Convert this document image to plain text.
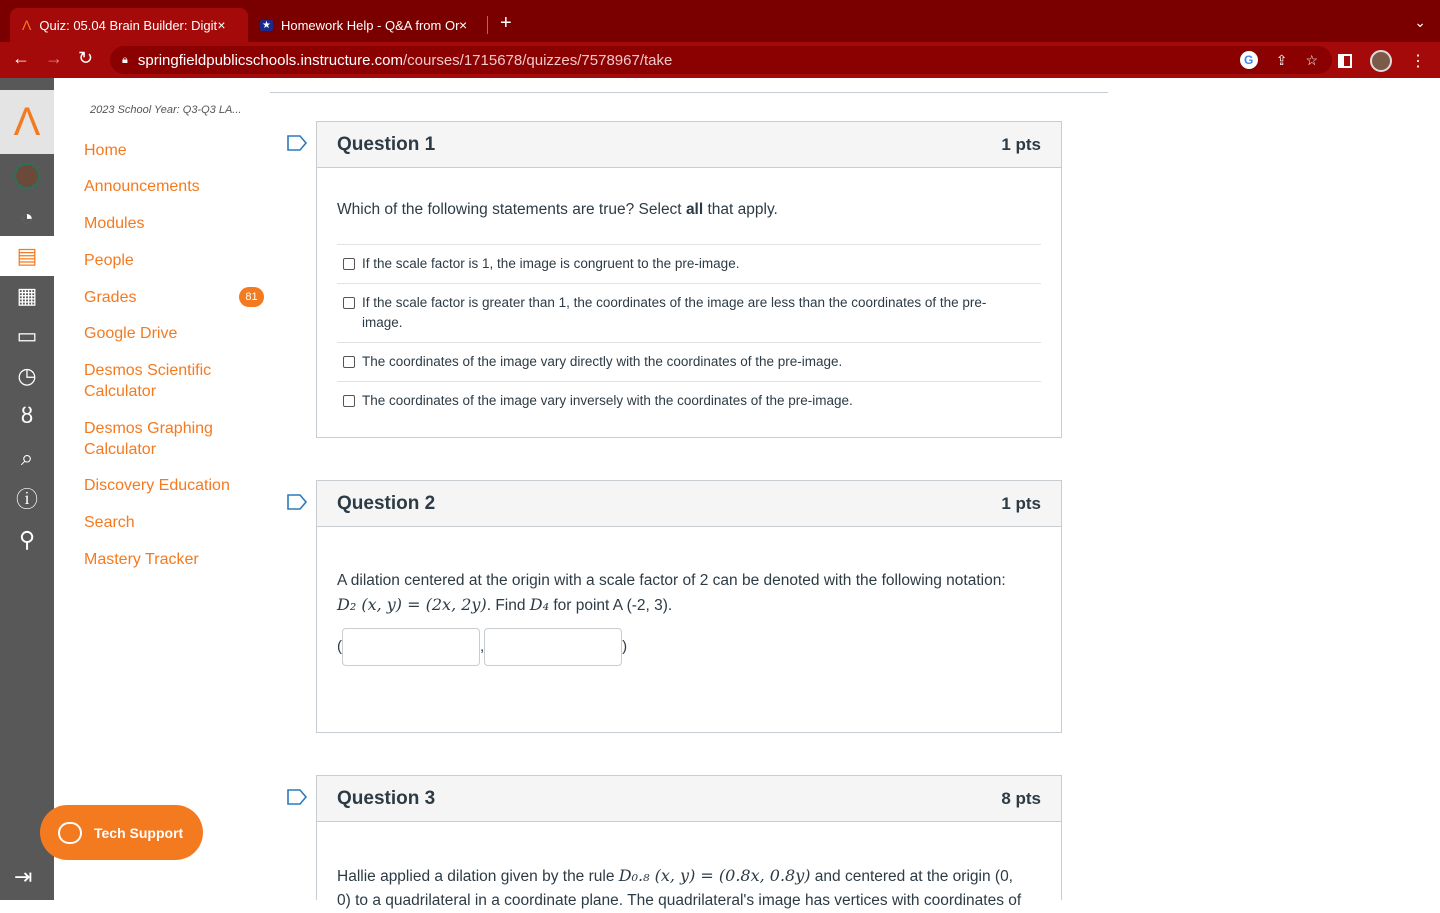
Λ Quiz: 05.04 Brain Builder: Digit ×	★ Homework Help - Q&A from Or × +	⌄
← → ↻	🔒︎ springfieldpublicschools.instructure.com /courses/1715678/quizzes/7578967/take	G	⇪ ☆	⋮
Λ
◔
▤
▦
▭
◷
ȣ
⌕
ⓘ
⚲
2023 School Year: Q3-Q3 LA...
Home
Announcements
Modules
People
Grades	81
Google Drive
Desmos Scientific Calculator
Desmos Graphing Calculator
Discovery Education
Search
Mastery Tracker
Tech Support
⇥
Question 1	1 pts

Which of the following statements are true? Select all that apply.

If the scale factor is 1, the image is congruent to the pre-image.
If the scale factor is greater than 1, the coordinates of the image are less than the coordinates of the pre-image.
The coordinates of the image vary directly with the coordinates of the pre-image.
The coordinates of the image vary inversely with the coordinates of the pre-image.
Question 2	1 pts

A dilation centered at the origin with a scale factor of 2 can be denoted with the following notation:

D₂ (x, y) = (2x, 2y). Find D₄ for point A (-2, 3).

(	,	)
Question 3	8 pts

Hallie applied a dilation given by the rule D₀.₈ (x, y) = (0.8x, 0.8y) and centered at the origin (0,

0) to a quadrilateral in a coordinate plane. The quadrilateral's image has vertices with coordinates of
